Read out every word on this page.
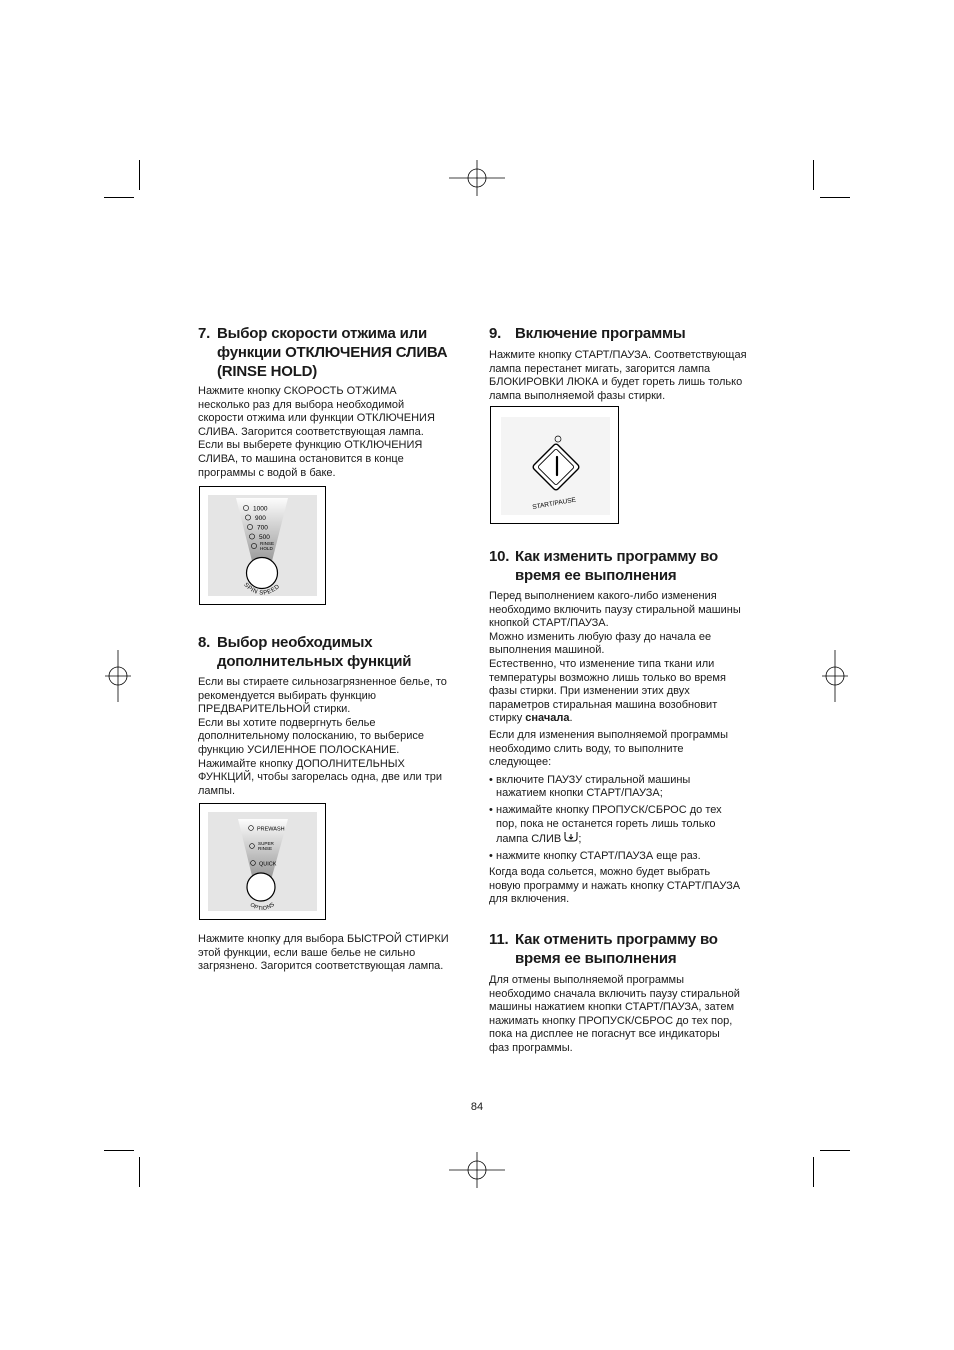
7. Выбор скорости отжима или
функции ОТКЛЮЧЕНИЯ СЛИВА
(RINSE HOLD)

Нажмите кнопку СКОРОСТЬ ОТЖИМА
несколько раз для выбора необходимой
скорости отжима или функции ОТКЛЮЧЕНИЯ
СЛИВА. Загорится соответствующая лампа.
Если вы выберете функцию ОТКЛЮЧЕНИЯ
СЛИВА, то машина остановится в конце
программы с водой в баке.

1000
900
700
500
RINSE
HOLD
SPIN SPEED
8. Выбор необходимых
дополнительных функций

Если вы стираете сильнозагрязненное белье, то
рекомендуется выбирать функцию
ПРЕДВАРИТЕЛЬНОЙ стирки.
Если вы хотите подвергнуть белье
дополнительному полосканию, то выберисе
функцию УСИЛЕННОЕ ПОЛОСКАНИЕ.
Нажимайте кнопку ДОПОЛНИТЕЛЬНЫХ
ФУНКЦИЙ, чтобы загорелась одна, две или три
лампы.

PREWASH
SUPER
RINSE
QUICK
OPTIONS

Нажмите кнопку для выбора БЫСТРОЙ СТИРКИ
этой функции, если ваше белье не сильно
загрязнено. Загорится соответствующая лампа.

9. Включение программы

Нажмите кнопку СТАРТ/ПАУЗА. Соответствующая
лампа перестанет мигать, загорится лампа
БЛОКИРОВКИ ЛЮКА и будет гореть лишь только
лампа выполняемой фазы стирки.

START/PAUSE
10. Как изменить программу во
время ее выполнения

Перед выполнением какого-либо изменения
необходимо включить паузу стиральной машины
кнопкой СТАРТ/ПАУЗА.
Можно изменить любую фазу до начала ее
выполнения машиной.
Естественно, что изменение типа ткани или
температуры возможно лишь только во время
фазы стирки. При изменении этих двух
параметров стиральная машина возобновит
стирку сначала.

Если для изменения выполняемой программы
необходимо слить воду, то выполните
следующее:

• включите ПАУЗУ стиральной машины
нажатием кнопки СТАРТ/ПАУЗА;
• нажимайте кнопку ПРОПУСК/СБРОС до тех
пор, пока не останется гореть лишь только
лампа СЛИВ ;
• нажмите кнопку СТАРТ/ПАУЗА еще раз.

Когда вода сольется, можно будет выбрать
новую программу и нажать кнопку СТАРТ/ПАУЗА
для включения.

11. Как отменить программу во
время ее выполнения

Для отмены выполняемой программы
необходимо сначала включить паузу стиральной
машины нажатием кнопки СТАРТ/ПАУЗА, затем
нажимать кнопку ПРОПУСК/СБРОС до тех пор,
пока на дисплее не погаснут все индикаторы
фаз программы.

84
